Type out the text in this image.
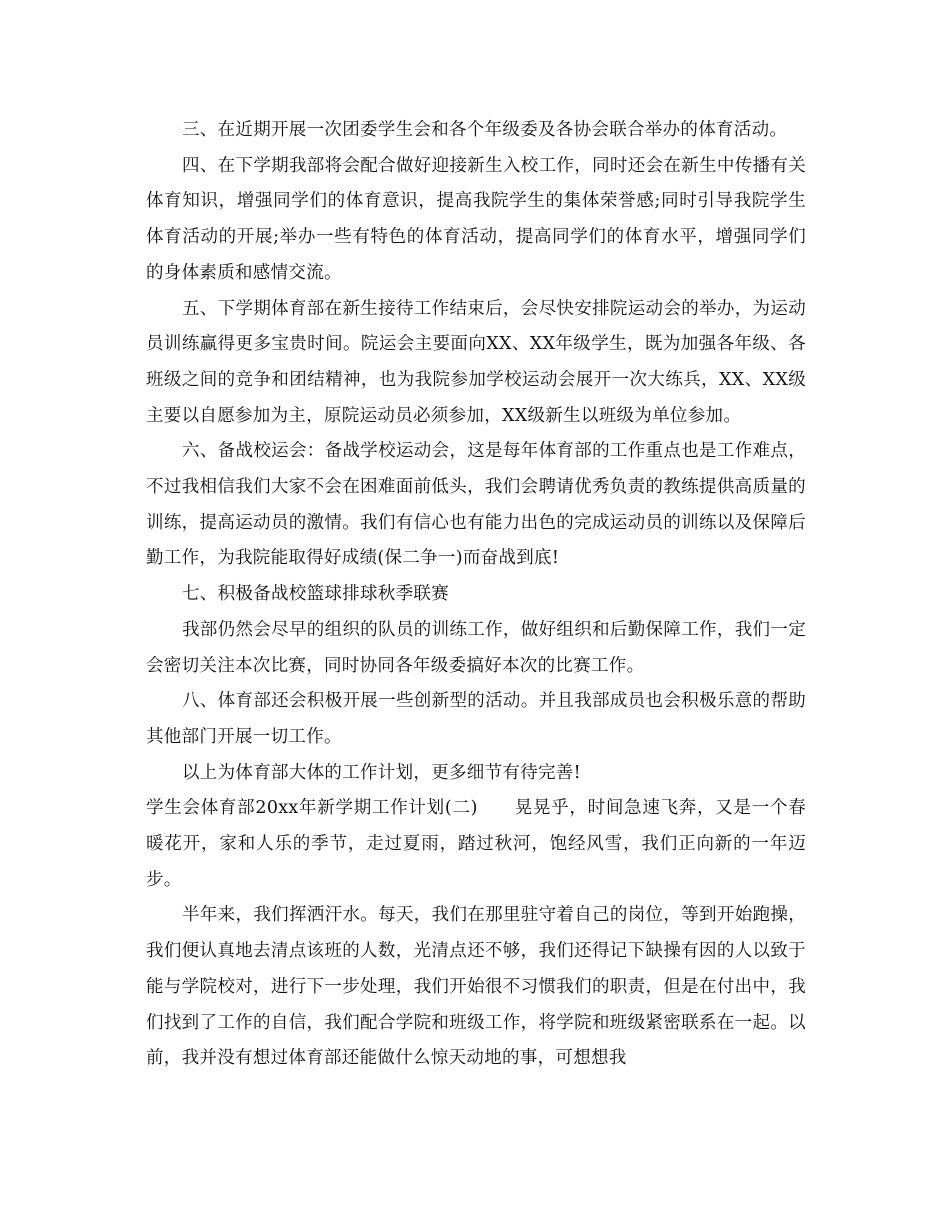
三、在近期开展一次团委学生会和各个年级委及各协会联合举办的体育活动。

四、在下学期我部将会配合做好迎接新生入校工作，同时还会在新生中传播有关体育知识，增强同学们的体育意识，提高我院学生的集体荣誉感;同时引导我院学生体育活动的开展;举办一些有特色的体育活动，提高同学们的体育水平，增强同学们的身体素质和感情交流。

五、下学期体育部在新生接待工作结束后，会尽快安排院运动会的举办，为运动员训练赢得更多宝贵时间。院运会主要面向XX、XX年级学生，既为加强各年级、各班级之间的竞争和团结精神，也为我院参加学校运动会展开一次大练兵，XX、XX级主要以自愿参加为主，原院运动员必须参加，XX级新生以班级为单位参加。

六、备战校运会：备战学校运动会，这是每年体育部的工作重点也是工作难点，不过我相信我们大家不会在困难面前低头，我们会聘请优秀负责的教练提供高质量的训练，提高运动员的激情。我们有信心也有能力出色的完成运动员的训练以及保障后勤工作，为我院能取得好成绩(保二争一)而奋战到底!

七、积极备战校篮球排球秋季联赛

我部仍然会尽早的组织的队员的训练工作，做好组织和后勤保障工作，我们一定会密切关注本次比赛，同时协同各年级委搞好本次的比赛工作。

八、体育部还会积极开展一些创新型的活动。并且我部成员也会积极乐意的帮助其他部门开展一切工作。

以上为体育部大体的工作计划，更多细节有待完善!

学生会体育部20xx年新学期工作计划(二)　　晃晃乎，时间急速飞奔，又是一个春暖花开，家和人乐的季节，走过夏雨，踏过秋河，饱经风雪，我们正向新的一年迈步。

半年来，我们挥洒汗水。每天，我们在那里驻守着自己的岗位，等到开始跑操，我们便认真地去清点该班的人数，光清点还不够，我们还得记下缺操有因的人以致于能与学院校对，进行下一步处理，我们开始很不习惯我们的职责，但是在付出中，我们找到了工作的自信，我们配合学院和班级工作，将学院和班级紧密联系在一起。以前，我并没有想过体育部还能做什么惊天动地的事，可想想我
